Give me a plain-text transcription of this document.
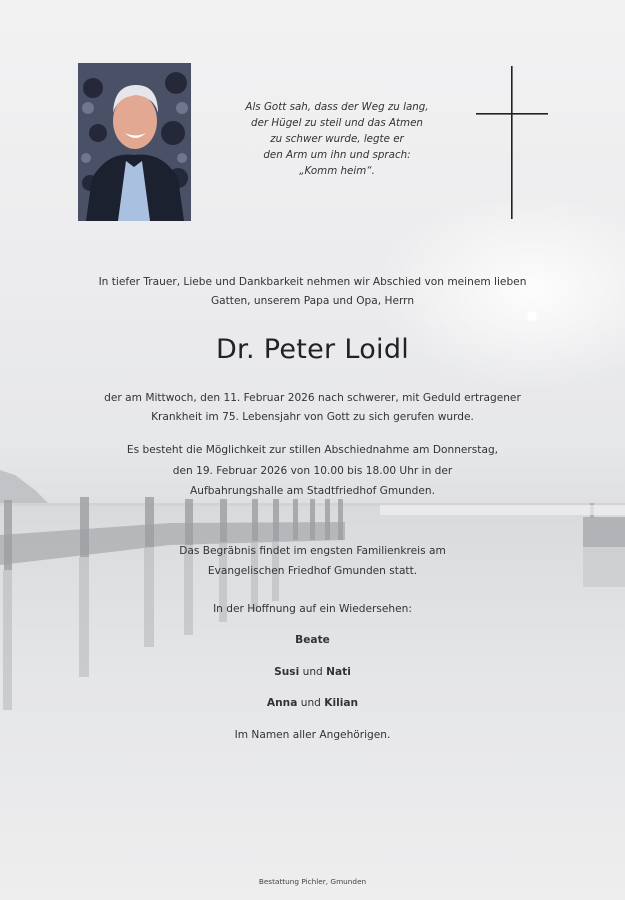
Als Gott sah, dass der Weg zu lang,
der Hügel zu steil und das Atmen
zu schwer wurde, legte er
den Arm um ihn und sprach:
„Komm heim“.
In tiefer Trauer, Liebe und Dankbarkeit nehmen wir Abschied von meinem lieben
Gatten, unserem Papa und Opa, Herrn
Dr. Peter Loidl
der am Mittwoch, den 11. Februar 2026 nach schwerer, mit Geduld ertragener
Krankheit im 75. Lebensjahr von Gott zu sich gerufen wurde.
Es besteht die Möglichkeit zur stillen Abschiednahme am Donnerstag,
den 19. Februar 2026 von 10.00 bis 18.00 Uhr in der
Aufbahrungshalle am Stadtfriedhof Gmunden.
Das Begräbnis findet im engsten Familienkreis am
Evangelischen Friedhof Gmunden statt.
In der Hoffnung auf ein Wiedersehen:
Beate
Susi und Nati
Anna und Kilian
Im Namen aller Angehörigen.
Bestattung Pichler, Gmunden
